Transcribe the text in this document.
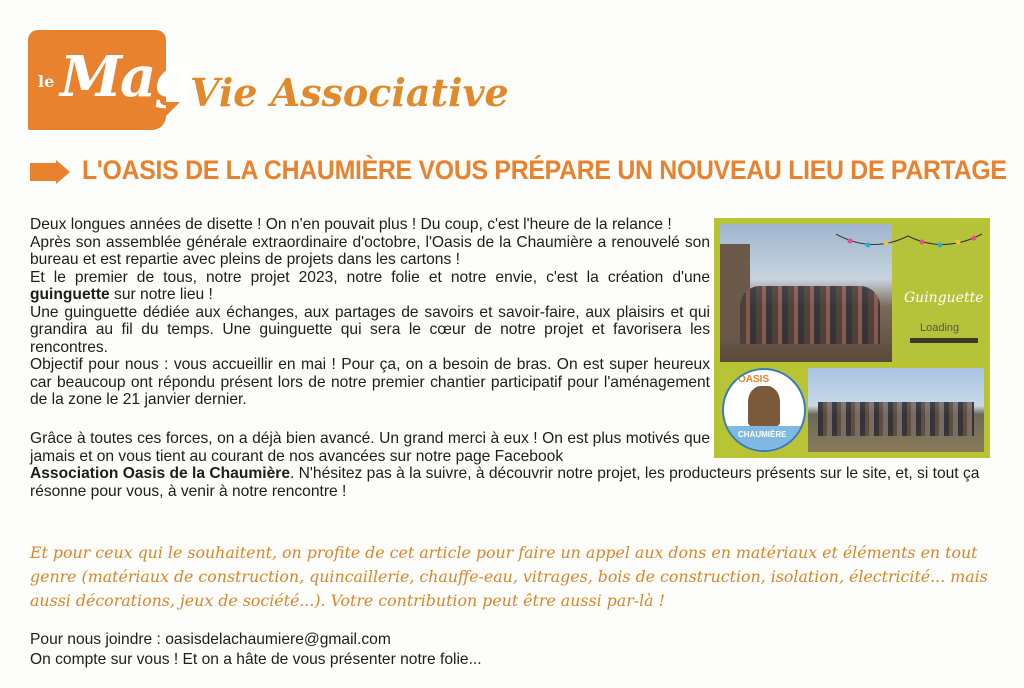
le Mag
Vie Associative
L'OASIS DE LA CHAUMIÈRE VOUS PRÉPARE UN NOUVEAU LIEU DE PARTAGE

Deux longues années de disette ! On n'en pouvait plus ! Du coup, c'est l'heure de la relance !

Après son assemblée générale extraordinaire d'octobre, l'Oasis de la Chaumière a renouvelé son bureau et est repartie avec pleins de projets dans les cartons !

Et le premier de tous, notre projet 2023, notre folie et notre envie, c'est la création d'une guinguette sur notre lieu !

Une guinguette dédiée aux échanges, aux partages de savoirs et savoir-faire, aux plaisirs et qui grandira au fil du temps. Une guinguette qui sera le cœur de notre projet et favorisera les rencontres.

Objectif pour nous : vous accueillir en mai ! Pour ça, on a besoin de bras. On est super heureux car beaucoup ont répondu présent lors de notre premier chantier participatif pour l'aménagement de la zone le 21 janvier dernier.

Grâce à toutes ces forces, on a déjà bien avancé. Un grand merci à eux ! On est plus motivés que jamais et on vous tient au courant de nos avancées sur notre page Facebook

Association Oasis de la Chaumière. N'hésitez pas à la suivre, à découvrir notre projet, les producteurs présents sur le site, et, si tout ça résonne pour vous, à venir à notre rencontre !

Guinguette
Loading
OASIS
CHAUMIÈRE
Et pour ceux qui le souhaitent, on profite de cet article pour faire un appel aux dons en matériaux et éléments en tout genre (matériaux de construction, quincaillerie, chauffe-eau, vitrages, bois de construction, isolation, électricité... mais aussi décorations, jeux de société...). Votre contribution peut être aussi par-là !

Pour nous joindre : oasisdelachaumiere@gmail.com

On compte sur vous ! Et on a hâte de vous présenter notre folie...
